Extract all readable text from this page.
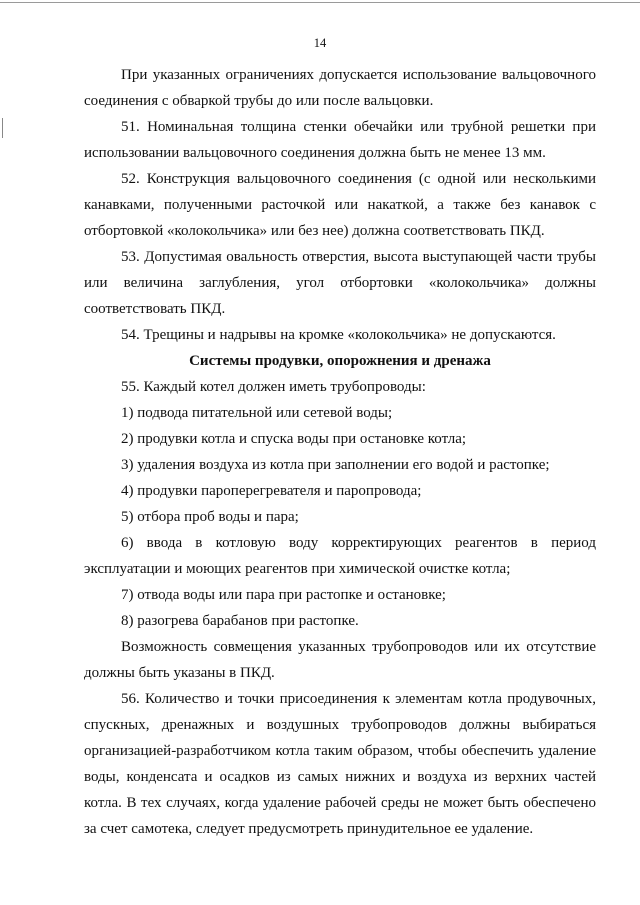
14

При указанных ограничениях допускается использование вальцовочного соединения с обваркой трубы до или после вальцовки.

51. Номинальная толщина стенки обечайки или трубной решетки при использовании вальцовочного соединения должна быть не менее 13 мм.

52. Конструкция вальцовочного соединения (с одной или несколькими канавками, полученными расточкой или накаткой, а также без канавок с отбортовкой «колокольчика» или без нее) должна соответствовать ПКД.

53. Допустимая овальность отверстия, высота выступающей части трубы или величина заглубления, угол отбортовки «колокольчика» должны соответствовать ПКД.

54. Трещины и надрывы на кромке «колокольчика» не допускаются.

Системы продувки, опорожнения и дренажа

55. Каждый котел должен иметь трубопроводы:

1) подвода питательной или сетевой воды;

2) продувки котла и спуска воды при остановке котла;

3) удаления воздуха из котла при заполнении его водой и растопке;

4) продувки пароперегревателя и паропровода;

5) отбора проб воды и пара;

6) ввода в котловую воду корректирующих реагентов в период эксплуатации и моющих реагентов при химической очистке котла;

7) отвода воды или пара при растопке и остановке;

8) разогрева барабанов при растопке.

Возможность совмещения указанных трубопроводов или их отсутствие должны быть указаны в ПКД.

56. Количество и точки присоединения к элементам котла продувочных, спускных, дренажных и воздушных трубопроводов должны выбираться организацией-разработчиком котла таким образом, чтобы обеспечить удаление воды, конденсата и осадков из самых нижних и воздуха из верхних частей котла. В тех случаях, когда удаление рабочей среды не может быть обеспечено за счет самотека, следует предусмотреть принудительное ее удаление.
